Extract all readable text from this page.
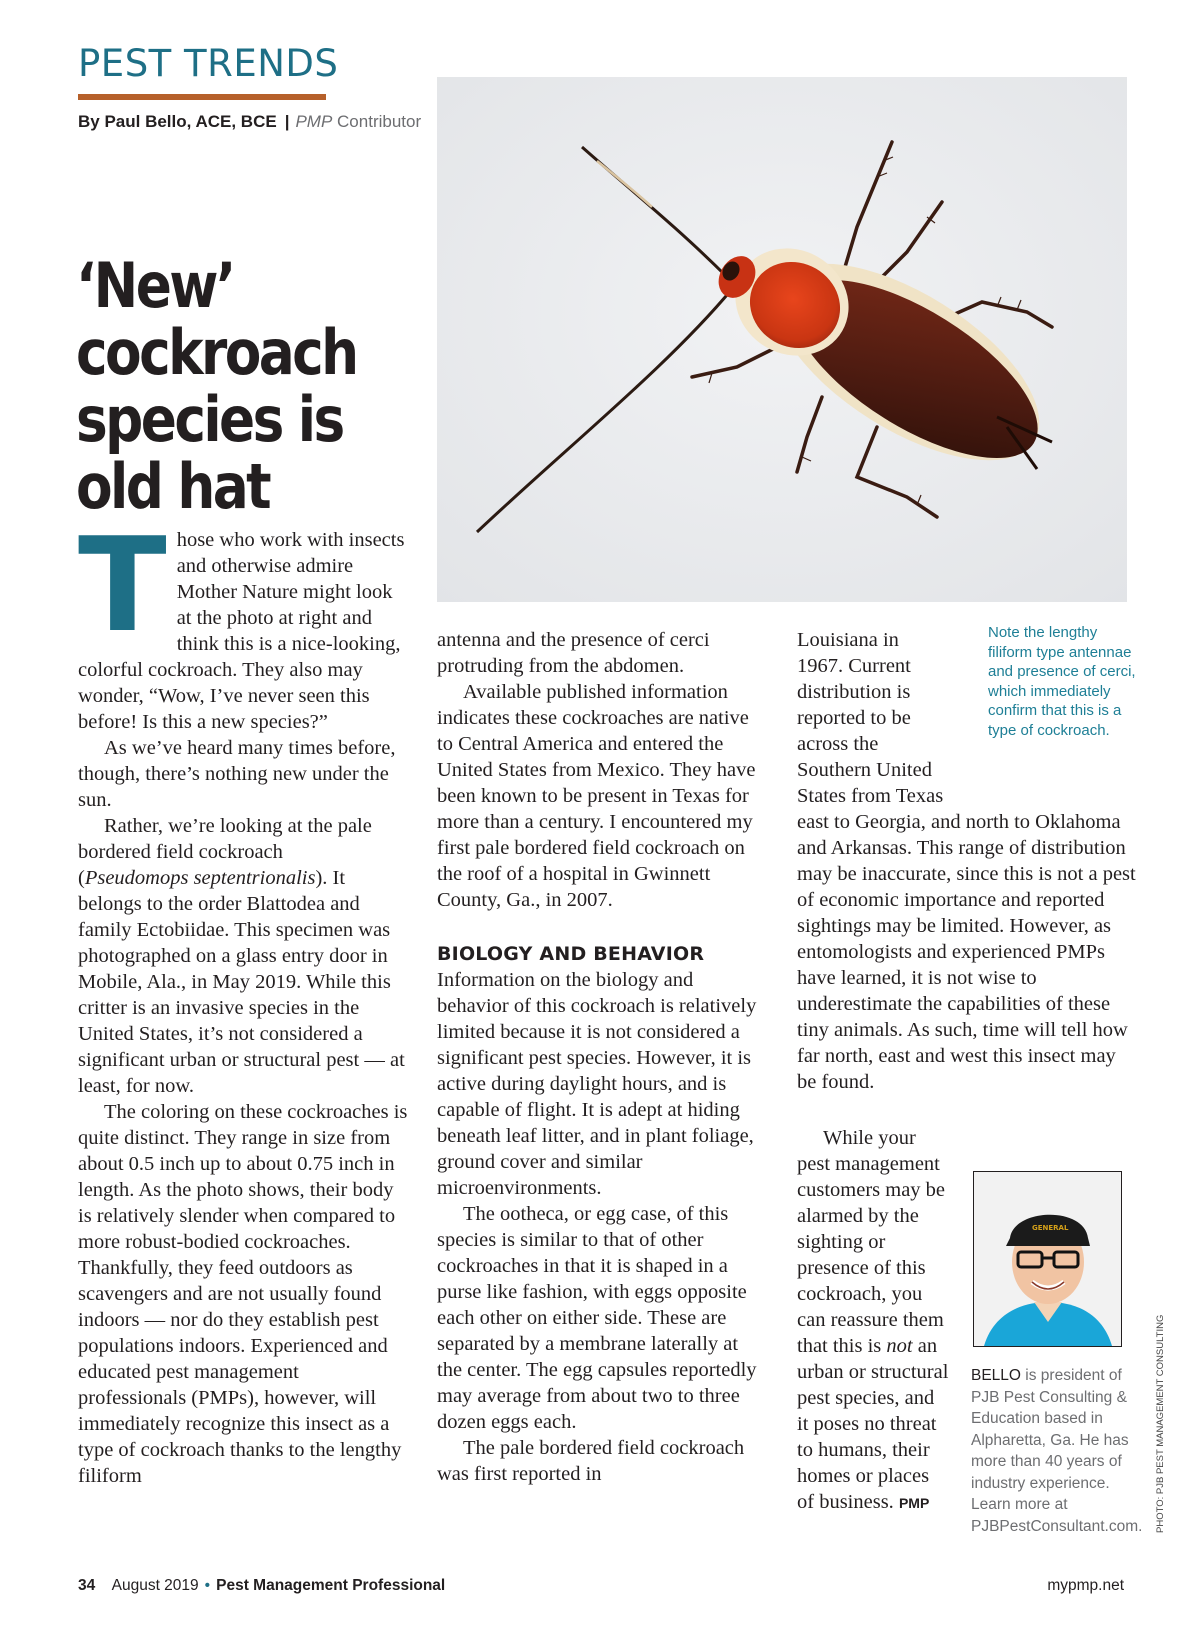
PEST TRENDS
By Paul Bello, ACE, BCE | PMP Contributor
‘New’ cockroach species is old hat
T hose who work with insects and otherwise admire Mother Nature might look at the photo at right and think this is a nice-looking, colorful cockroach. They also may wonder, “Wow, I’ve never seen this before! Is this a new species?”

As we’ve heard many times before, though, there’s nothing new under the sun.

Rather, we’re looking at the pale bordered field cockroach

(Pseudomops septentrionalis). It belongs to the order Blattodea and family Ectobiidae. This specimen was photographed on a glass entry door in Mobile, Ala., in May 2019. While this critter is an invasive species in the United States, it’s not considered a significant urban or structural pest — at least, for now.

The coloring on these cockroaches is quite distinct. They range in size from about 0.5 inch up to about 0.75 inch in length. As the photo shows, their body is relatively slender when compared to more robust-bodied cockroaches. Thankfully, they feed outdoors as scavengers and are not usually found indoors — nor do they establish pest populations indoors. Experienced and educated pest management professionals (PMPs), however, will immediately recognize this insect as a type of cockroach thanks to the lengthy filiform

antenna and the presence of cerci protruding from the abdomen.

Available published information indicates these cockroaches are native to Central America and entered the United States from Mexico. They have been known to be present in Texas for more than a century. I encountered my first pale bordered field cockroach on the roof of a hospital in Gwinnett County, Ga., in 2007.

BIOLOGY AND BEHAVIOR

Information on the biology and behavior of this cockroach is relatively limited because it is not considered a significant pest species. However, it is active during daylight hours, and is capable of flight. It is adept at hiding beneath leaf litter, and in plant foliage, ground cover and similar microenvironments.

The ootheca, or egg case, of this species is similar to that of other cockroaches in that it is shaped in a purse like fashion, with eggs opposite each other on either side. These are separated by a membrane laterally at the center. The egg capsules reportedly may average from about two to three dozen eggs each.

The pale bordered field cockroach was first reported in

Louisiana in 1967. Current distribution is reported to be across the Southern United States from Texas east to Georgia, and north to Oklahoma and Arkansas. This range of distribution may be inaccurate, since this is not a pest of economic importance and reported sightings may be limited. However, as entomologists and experienced PMPs have learned, it is not wise to underestimate the capabilities of these tiny animals. As such, time will tell how far north, east and west this insect may be found.

While your pest management customers may be alarmed by the sighting or presence of this cockroach, you can reassure them that this is not an urban or structural pest species, and it poses no threat to humans, their homes or places of business. PMP

Note the lengthy filiform type antennae and presence of cerci, which immediately confirm that this is a type of cockroach.
GENERAL
BELLO is president of PJB Pest Consulting & Education based in Alpharetta, Ga. He has more than 40 years of industry experience. Learn more at PJBPestConsultant.com. PHOTO: PJB PEST MANAGEMENT CONSULTING
34 August 2019 • Pest Management Professional	mypmp.net
